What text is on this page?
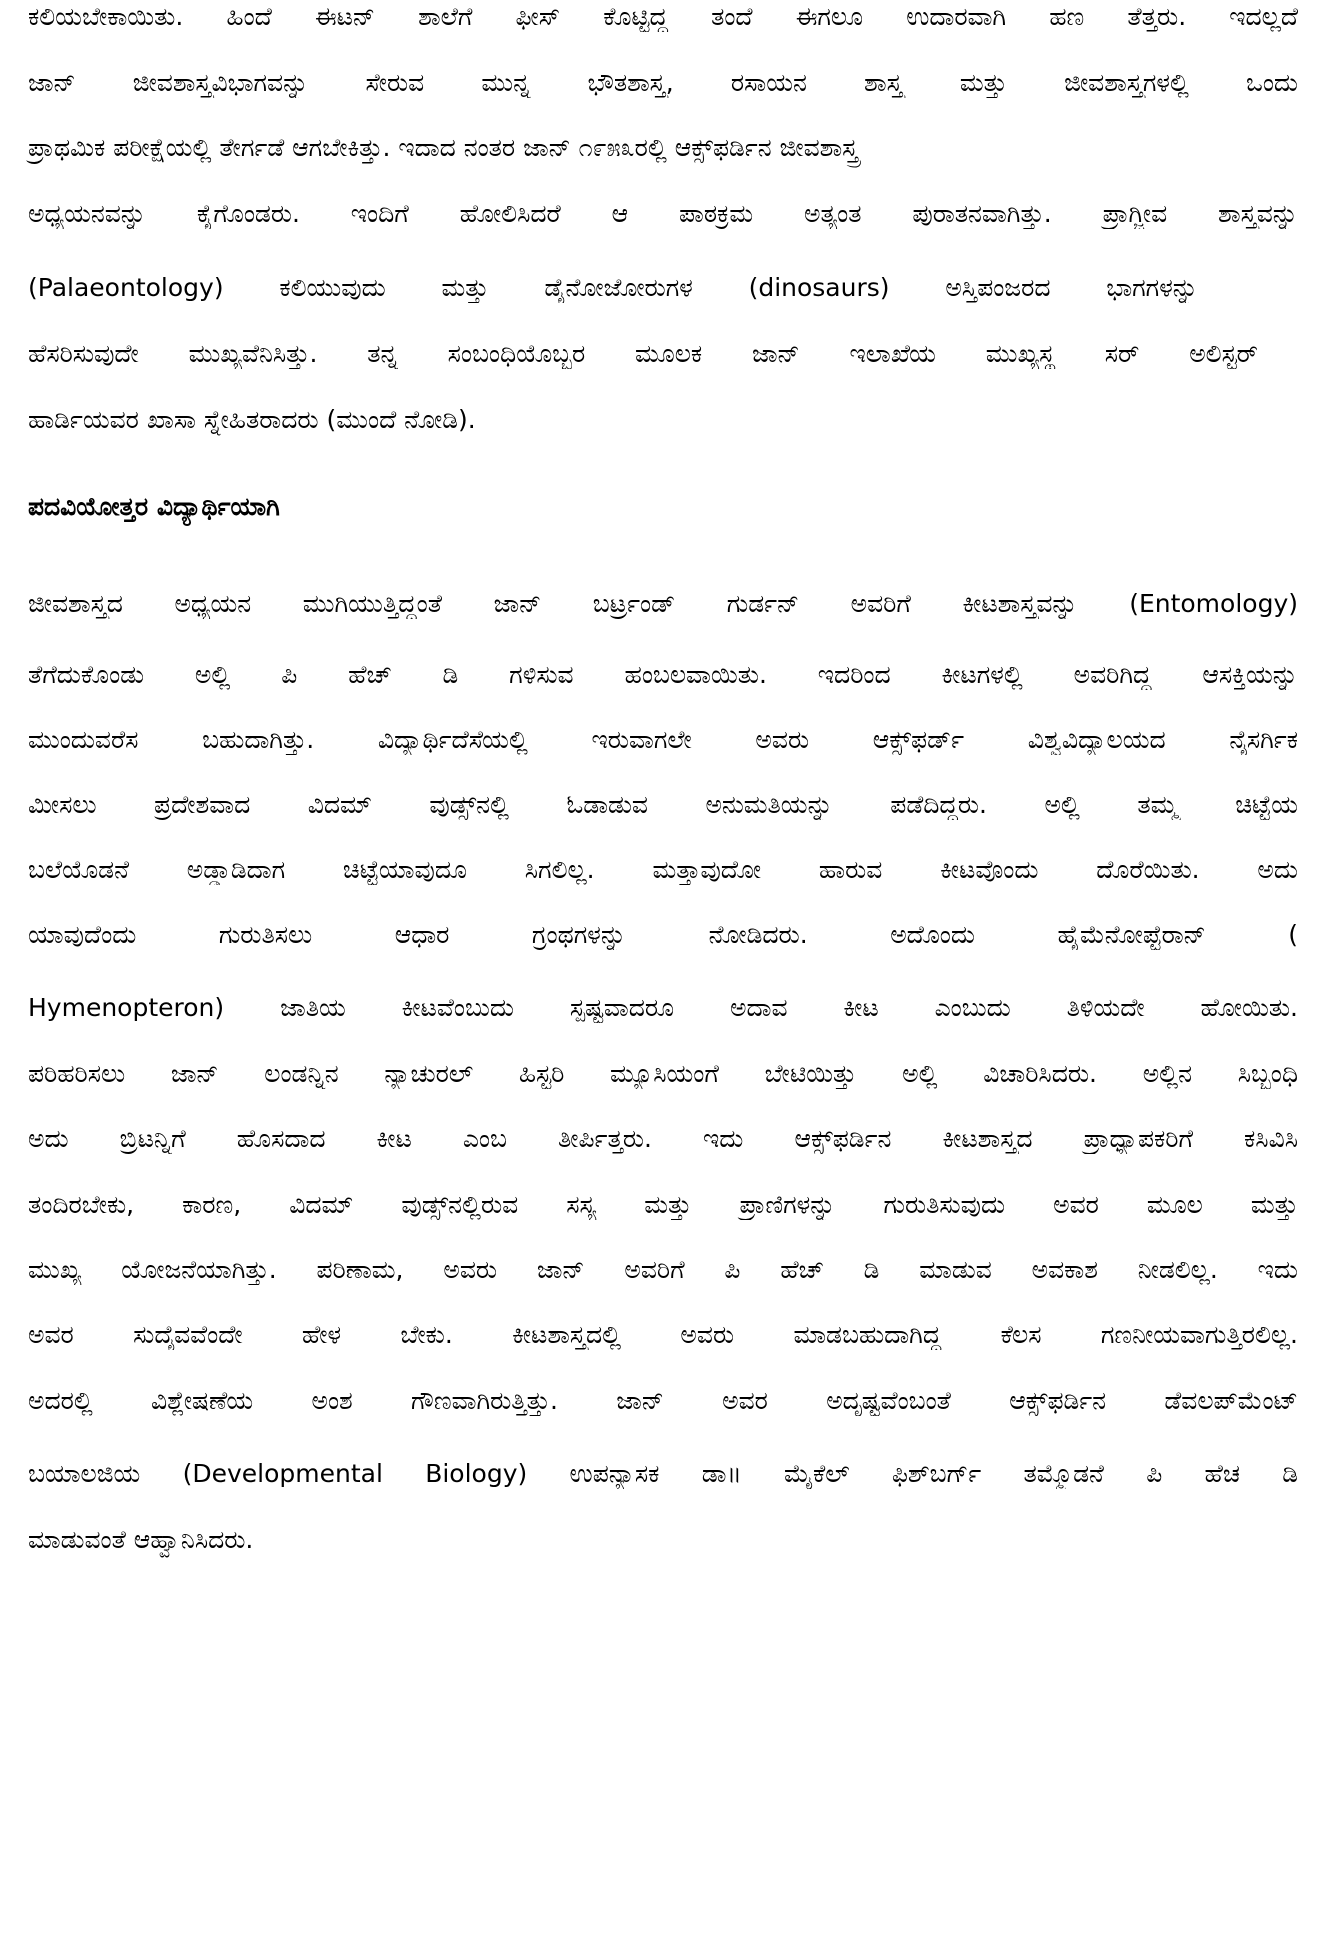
ಕಲಿಯಬೇಕಾಯಿತು. ಹಿಂದೆ ಈಟನ್ ಶಾಲೆಗೆ ಫೀಸ್ ಕೊಟ್ಟಿದ್ದ ತಂದೆ ಈಗಲೂ ಉದಾರವಾಗಿ ಹಣ ತೆತ್ತರು. ಇದಲ್ಲದೆ
ಜಾನ್ ಜೀವಶಾಸ್ತ್ರವಿಭಾಗವನ್ನು ಸೇರುವ ಮುನ್ನ ಭೌತಶಾಸ್ತ್ರ, ರಸಾಯನ ಶಾಸ್ತ್ರ ಮತ್ತು ಜೀವಶಾಸ್ತ್ರಗಳಲ್ಲಿ ಒಂದು
ಪ್ರಾಥಮಿಕ ಪರೀಕ್ಷೆಯಲ್ಲಿ ತೇರ್ಗಡೆ ಆಗಬೇಕಿತ್ತು. ಇದಾದ ನಂತರ ಜಾನ್ ೧೯೫೩ರಲ್ಲಿ ಆಕ್ಸ್‌ಫರ್ಡಿನ ಜೀವಶಾಸ್ತ್ರ
ಅಧ್ಯಯನವನ್ನು ಕೈಗೊಂಡರು. ಇಂದಿಗೆ ಹೋಲಿಸಿದರೆ ಆ ಪಾಠಕ್ರಮ ಅತ್ಯಂತ ಪುರಾತನವಾಗಿತ್ತು. ಪ್ರಾಗ್ಜೀವ ಶಾಸ್ತ್ರವನ್ನು
(Palaeontology) ಕಲಿಯುವುದು ಮತ್ತು ಡೈನೋಜೋರುಗಳ (dinosaurs) ಅಸ್ತಿಪಂಜರದ ಭಾಗಗಳನ್ನು
ಹೆಸರಿಸುವುದೇ ಮುಖ್ಯವೆನಿಸಿತ್ತು. ತನ್ನ ಸಂಬಂಧಿಯೊಬ್ಬರ ಮೂಲಕ ಜಾನ್ ಇಲಾಖೆಯ ಮುಖ್ಯಸ್ಥ ಸರ್ ಅಲಿಸ್ಟರ್
ಹಾರ್ಡಿಯವರ ಖಾಸಾ ಸ್ನೇಹಿತರಾದರು (ಮುಂದೆ ನೋಡಿ).
ಪದವಿಯೋತ್ತರ ವಿದ್ಯಾರ್ಥಿಯಾಗಿ
ಜೀವಶಾಸ್ತ್ರದ ಅಧ್ಯಯನ ಮುಗಿಯುತ್ತಿದ್ದಂತೆ ಜಾನ್ ಬರ್ಟ್ರಂಡ್ ಗುರ್ಡನ್ ಅವರಿಗೆ ಕೀಟಶಾಸ್ತ್ರವನ್ನು (Entomology)
ತೆಗೆದುಕೊಂಡು ಅಲ್ಲಿ ಪಿ ಹೆಚ್ ಡಿ ಗಳಿಸುವ ಹಂಬಲವಾಯಿತು. ಇದರಿಂದ ಕೀಟಗಳಲ್ಲಿ ಅವರಿಗಿದ್ದ ಆಸಕ್ತಿಯನ್ನು
ಮುಂದುವರೆಸ ಬಹುದಾಗಿತ್ತು. ವಿದ್ಯಾರ್ಥಿದೆಸೆಯಲ್ಲಿ ಇರುವಾಗಲೇ ಅವರು ಆಕ್ಸ್‌ಫರ್ಡ್ ವಿಶ್ವವಿದ್ಯಾಲಯದ ನೈಸರ್ಗಿಕ
ಮೀಸಲು ಪ್ರದೇಶವಾದ ವಿದಮ್ ವುಡ್ಸ್‌ನಲ್ಲಿ ಓಡಾಡುವ ಅನುಮತಿಯನ್ನು ಪಡೆದಿದ್ದರು. ಅಲ್ಲಿ ತಮ್ಮ ಚಿಟ್ಟೆಯ
ಬಲೆಯೊಡನೆ ಅಡ್ಡಾಡಿದಾಗ ಚಿಟ್ಟೆಯಾವುದೂ ಸಿಗಲಿಲ್ಲ. ಮತ್ತಾವುದೋ ಹಾರುವ ಕೀಟವೊಂದು ದೊರೆಯಿತು. ಅದು
ಯಾವುದೆಂದು ಗುರುತಿಸಲು ಆಧಾರ ಗ್ರಂಥಗಳನ್ನು ನೋಡಿದರು. ಅದೊಂದು ಹೈಮೆನೋಪ್ಟೆರಾನ್ (
Hymenopteron) ಜಾತಿಯ ಕೀಟವೆಂಬುದು ಸ್ಪಷ್ಟವಾದರೂ ಅದಾವ ಕೀಟ ಎಂಬುದು ತಿಳಿಯದೇ ಹೋಯಿತು.
ಪರಿಹರಿಸಲು ಜಾನ್ ಲಂಡನ್ನಿನ ನ್ಯಾಚುರಲ್ ಹಿಸ್ಟರಿ ಮ್ಯೂಸಿಯಂಗೆ ಬೇಟಿಯಿತ್ತು ಅಲ್ಲಿ ವಿಚಾರಿಸಿದರು. ಅಲ್ಲಿನ ಸಿಬ್ಬಂಧಿ
ಅದು ಬ್ರಿಟನ್ನಿಗೆ ಹೊಸದಾದ ಕೀಟ ಎಂಬ ತೀರ್ಪಿತ್ತರು. ಇದು ಆಕ್ಸ್‌ಫರ್ಡಿನ ಕೀಟಶಾಸ್ತ್ರದ ಪ್ರಾಧ್ಯಾಪಕರಿಗೆ ಕಸಿವಿಸಿ
ತಂದಿರಬೇಕು, ಕಾರಣ, ವಿದಮ್ ವುಡ್ಸ್‌ನಲ್ಲಿರುವ ಸಸ್ಯ ಮತ್ತು ಪ್ರಾಣಿಗಳನ್ನು ಗುರುತಿಸುವುದು ಅವರ ಮೂಲ ಮತ್ತು
ಮುಖ್ಯ ಯೋಜನೆಯಾಗಿತ್ತು. ಪರಿಣಾಮ, ಅವರು ಜಾನ್ ಅವರಿಗೆ ಪಿ ಹೆಚ್ ಡಿ ಮಾಡುವ ಅವಕಾಶ ನೀಡಲಿಲ್ಲ. ಇದು
ಅವರ ಸುದೈವವೆಂದೇ ಹೇಳ ಬೇಕು. ಕೀಟಶಾಸ್ತ್ರದಲ್ಲಿ ಅವರು ಮಾಡಬಹುದಾಗಿದ್ದ ಕೆಲಸ ಗಣನೀಯವಾಗುತ್ತಿರಲಿಲ್ಲ.
ಅದರಲ್ಲಿ ವಿಶ್ಲೇಷಣೆಯ ಅಂಶ ಗೌಣವಾಗಿರುತ್ತಿತ್ತು. ಜಾನ್ ಅವರ ಅದೃಷ್ಟವೆಂಬಂತೆ ಆಕ್ಸ್‌ಫರ್ಡಿನ ಡೆವಲಪ್‌ಮೆಂಟ್
ಬಯಾಲಜಿಯ (Developmental Biology) ಉಪನ್ಯಾಸಕ ಡಾ॥ ಮೈಕೆಲ್ ಫಿಶ್‌ಬರ್ಗ್ ತಮ್ಮೊಡನೆ ಪಿ ಹೆಚ ಡಿ
ಮಾಡುವಂತೆ ಆಹ್ವಾನಿಸಿದರು.
